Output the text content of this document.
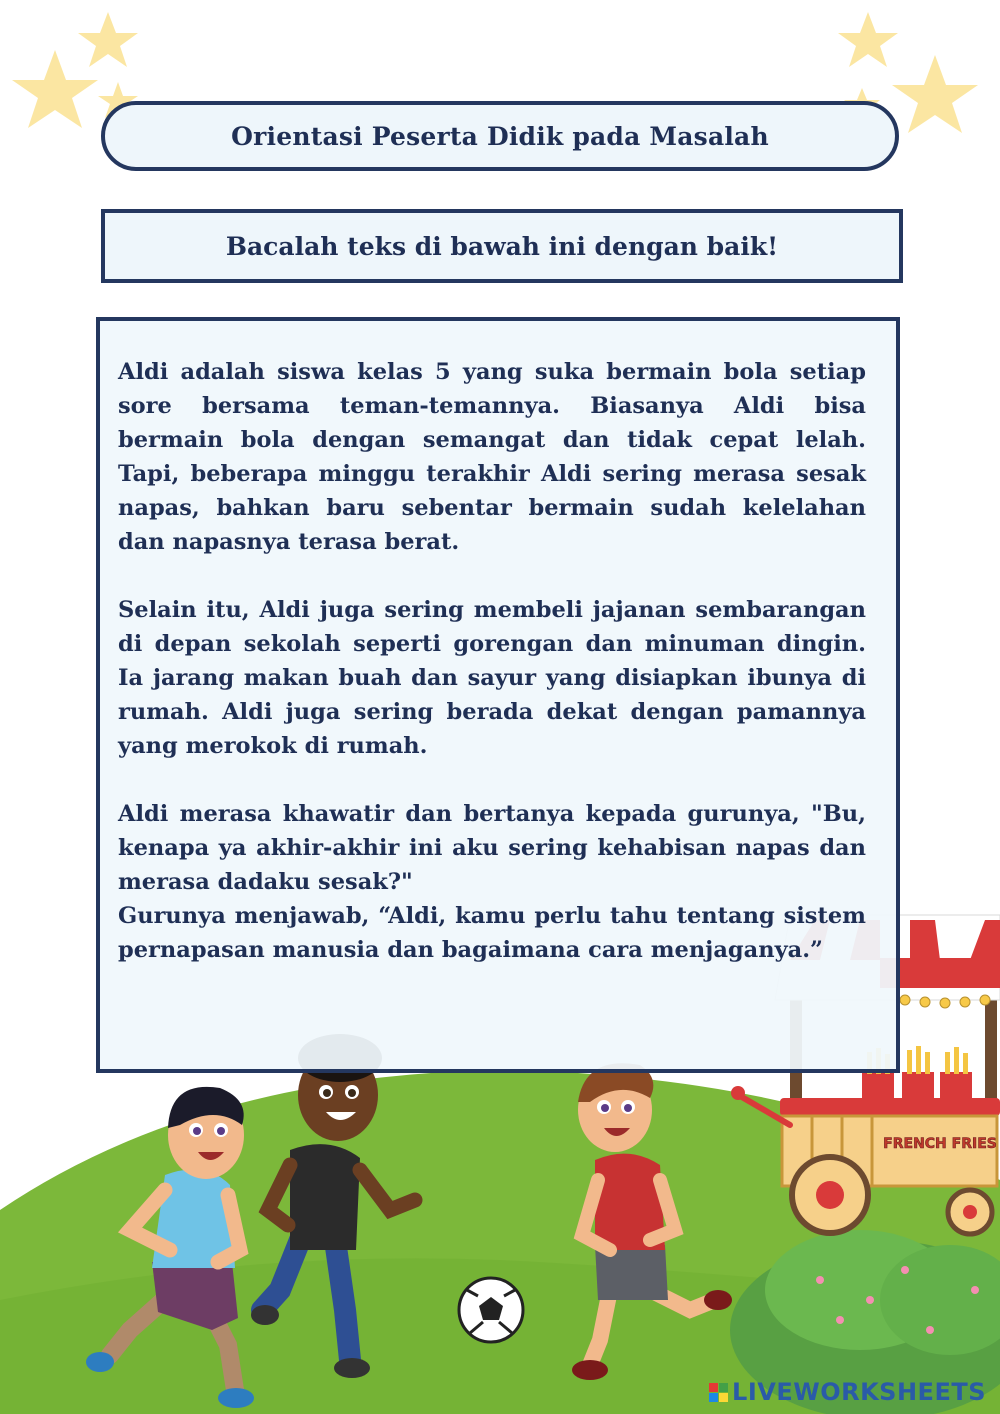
Orientasi Peserta Didik pada Masalah
Bacalah teks di bawah ini dengan baik!

Aldi adalah siswa kelas 5 yang suka bermain bola setiap sore bersama teman-temannya. Biasanya Aldi bisa bermain bola dengan semangat dan tidak cepat lelah. Tapi, beberapa minggu terakhir Aldi sering merasa sesak napas, bahkan baru sebentar bermain sudah kelelahan dan napasnya terasa berat.

Selain itu, Aldi juga sering membeli jajanan sembarangan di depan sekolah seperti gorengan dan minuman dingin. Ia jarang makan buah dan sayur yang disiapkan ibunya di rumah. Aldi juga sering berada dekat dengan pamannya yang merokok di rumah.

Aldi merasa khawatir dan bertanya kepada gurunya, "Bu, kenapa ya akhir-akhir ini aku sering kehabisan napas dan merasa dadaku sesak?"

Gurunya menjawab, “Aldi, kamu perlu tahu tentang sistem pernapasan manusia dan bagaimana cara menjaganya.”

FRENCH FRIES
LIVEWORKSHEETS
